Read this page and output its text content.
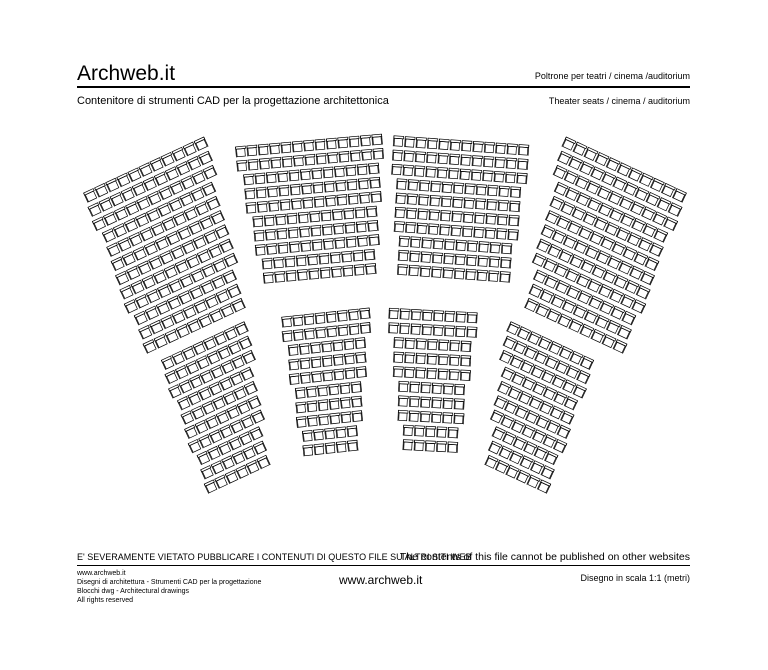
Archweb.it	Poltrone per teatri / cinema /auditorium
Contenitore di strumenti CAD per la progettazione architettonica	Theater seats / cinema / auditorium
E' SEVERAMENTE VIETATO PUBBLICARE I CONTENUTI DI QUESTO FILE SU ALTRI SITI WEB
The contents of this file cannot be published on other websites
www.archweb.it
Disegni di architettura - Strumenti CAD per la progettazione
Blocchi dwg - Architectural drawings
All rights reserved
www.archweb.it	Disegno in scala 1:1 (metri)
